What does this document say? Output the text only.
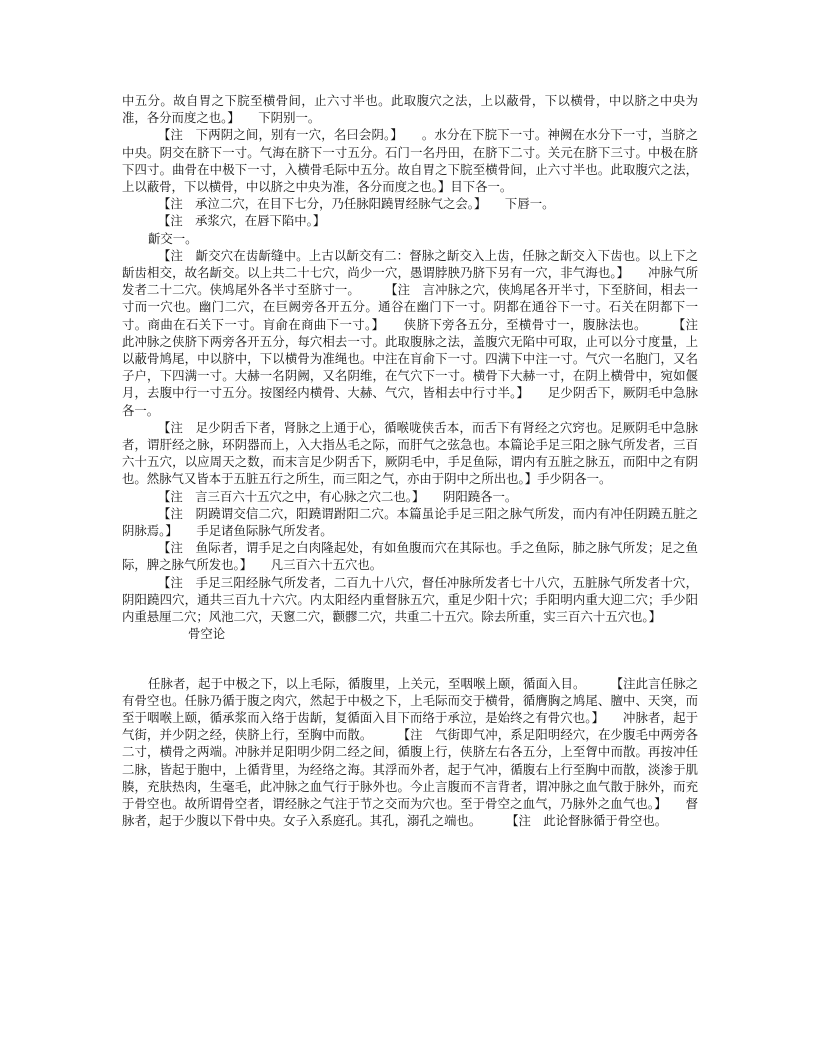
中五分。故自胃之下脘至横骨间，止六寸半也。此取腹穴之法，上以蔽骨，下以横骨，中以脐之中央为准，各分而度之也。】　　下阴别一。

【注　下两阴之间，别有一穴，名曰会阴。】　　。水分在下脘下一寸。神阙在水分下一寸，当脐之中央。阴交在脐下一寸。气海在脐下一寸五分。石门一名丹田，在脐下二寸。关元在脐下三寸。中极在脐下四寸。曲骨在中极下一寸，入横骨毛际中五分。故自胃之下脘至横骨间，止六寸半也。此取腹穴之法，上以蔽骨，下以横骨，中以脐之中央为准，各分而度之也。】目下各一。

【注　承泣二穴，在目下七分，乃任脉阳蹺胃经脉气之会。】　　下唇一。

【注　承浆穴，在唇下陷中。】

齗交一。

【注　齗交穴在齿龂缝中。上古以龂交有二：督脉之龂交入上齿，任脉之龂交入下齿也。以上下之龂齿相交，故名龂交。以上共二十七穴，尚少一穴，愚谓脖胦乃脐下另有一穴，非气海也。】　　冲脉气所发者二十二穴。侠鸠尾外各半寸至脐寸一。　　　【注　言冲脉之穴，侠鸠尾各开半寸，下至脐间，相去一寸而一穴也。幽门二穴，在巨阙旁各开五分。通谷在幽门下一寸。阴都在通谷下一寸。石关在阴都下一寸。商曲在石关下一寸。肓俞在商曲下一寸。】　　侠脐下旁各五分，至横骨寸一，腹脉法也。　　　【注　此冲脉之侠脐下两旁各开五分，每穴相去一寸。此取腹脉之法，盖腹穴无陷中可取，止可以分寸度量，上以蔽骨鸠尾，中以脐中，下以横骨为准绳也。中注在肓俞下一寸。四满下中注一寸。气穴一名胞门，又名子户，下四满一寸。大赫一名阴阙，又名阴维，在气穴下一寸。横骨下大赫一寸，在阴上横骨中，宛如偃月，去腹中行一寸五分。按图经内横骨、大赫、气穴，皆相去中行寸半。】　　足少阴舌下，厥阴毛中急脉各一。

【注　足少阴舌下者，肾脉之上通于心，循喉咙侠舌本，而舌下有肾经之穴窍也。足厥阴毛中急脉者，谓肝经之脉，环阴器而上，入大指丛毛之际，而肝气之弦急也。本篇论手足三阳之脉气所发者，三百六十五穴，以应周天之数，而末言足少阴舌下，厥阴毛中，手足鱼际，谓内有五脏之脉五，而阳中之有阴也。然脉气又皆本于五脏五行之所生，而三阳之气，亦由于阴中之所出也。】手少阴各一。

【注　言三百六十五穴之中，有心脉之穴二也。】　　阴阳蹺各一。

【注　阴蹺谓交信二穴，阳蹺谓跗阳二穴。本篇虽论手足三阳之脉气所发，而内有冲任阴蹺五脏之阴脉焉。】　　手足诸鱼际脉气所发者。

【注　鱼际者，谓手足之白肉隆起处，有如鱼腹而穴在其际也。手之鱼际，肺之脉气所发；足之鱼际，脾之脉气所发也。】　　凡三百六十五穴也。

【注　手足三阳经脉气所发者，二百九十八穴，督任冲脉所发者七十八穴，五脏脉气所发者十穴，阴阳蹺四穴，通共三百九十六穴。内太阳经内重督脉五穴，重足少阳十穴；手阳明内重大迎二穴；手少阳内重悬厘二穴；风池二穴，天窻二穴，颧髎二穴，共重二十五穴。除去所重，实三百六十五穴也。】

骨空论

任脉者，起于中极之下，以上毛际，循腹里，上关元，至咽喉上颐，循面入目。　　　【注此言任脉之有骨空也。任脉乃循于腹之肉穴，然起于中极之下，上毛际而交于横骨，循膺胸之鸠尾、膻中、天突，而至于咽喉上颐，循承浆而入络于齿龂，复循面入目下而络于承泣，是始终之有骨穴也。】　　冲脉者，起于气街，并少阴之经，侠脐上行，至胸中而散。　　　【注　气街即气冲，系足阳明经穴，在少腹毛中两旁各二寸，横骨之两端。冲脉并足阳明少阴二经之间，循腹上行，侠脐左右各五分，上至胷中而散。再按冲任二脉，皆起于胞中，上循背里，为经络之海。其浮而外者，起于气冲，循腹右上行至胸中而散，淡渗于肌腠，充肤热肉，生毫毛，此冲脉之血气行于脉外也。今止言腹而不言背者，谓冲脉之血气散于脉外，而充于骨空也。故所谓骨空者，谓经脉之气注于节之交而为穴也。至于骨空之血气，乃脉外之血气也。】　　督脉者，起于少腹以下骨中央。女子入系庭孔。其孔，溺孔之端也。　　　【注　此论督脉循于骨空也。
